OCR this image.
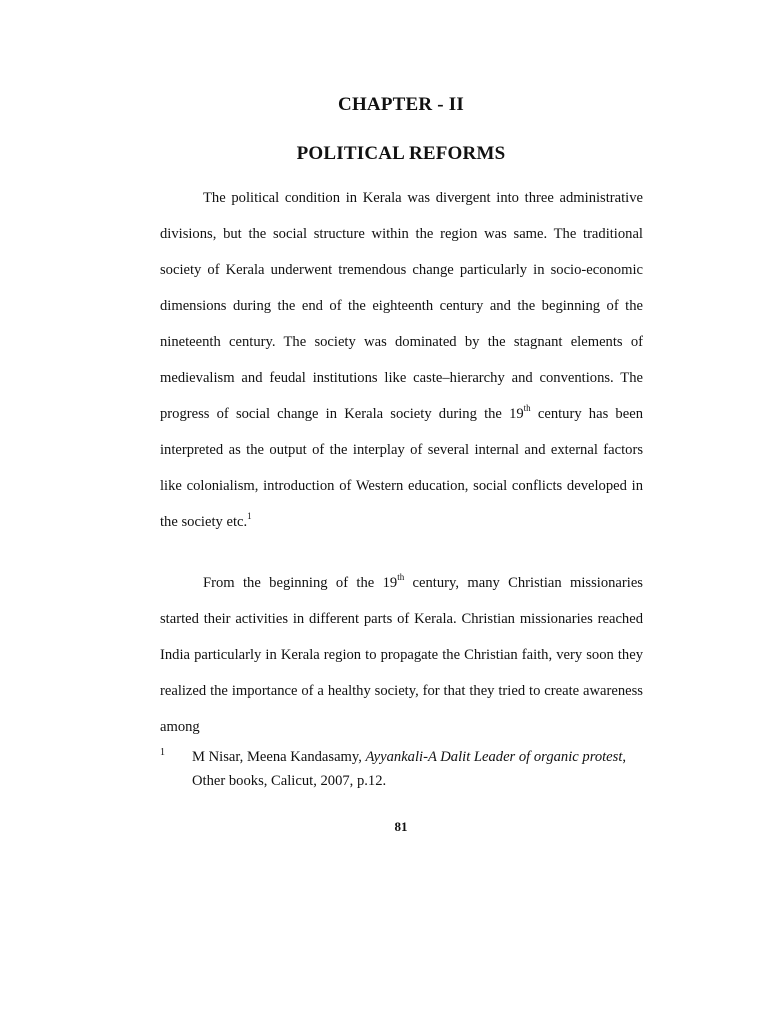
CHAPTER - II
POLITICAL REFORMS

The political condition in Kerala was divergent into three administrative divisions, but the social structure within the region was same. The traditional society of Kerala underwent tremendous change particularly in socio-economic dimensions during the end of the eighteenth century and the beginning of the nineteenth century. The society was dominated by the stagnant elements of medievalism and feudal institutions like caste–hierarchy and conventions. The progress of social change in Kerala society during the 19th century has been interpreted as the output of the interplay of several internal and external factors like colonialism, introduction of Western education, social conflicts developed in the society etc.$^1$

From the beginning of the 19th century, many Christian missionaries started their activities in different parts of Kerala. Christian missionaries reached India particularly in Kerala region to propagate the Christian faith, very soon they realized the importance of a healthy society, for that they tried to create awareness among

1 M Nisar, Meena Kandasamy, Ayyankali-A Dalit Leader of organic protest, Other books, Calicut, 2007, p.12.
81
